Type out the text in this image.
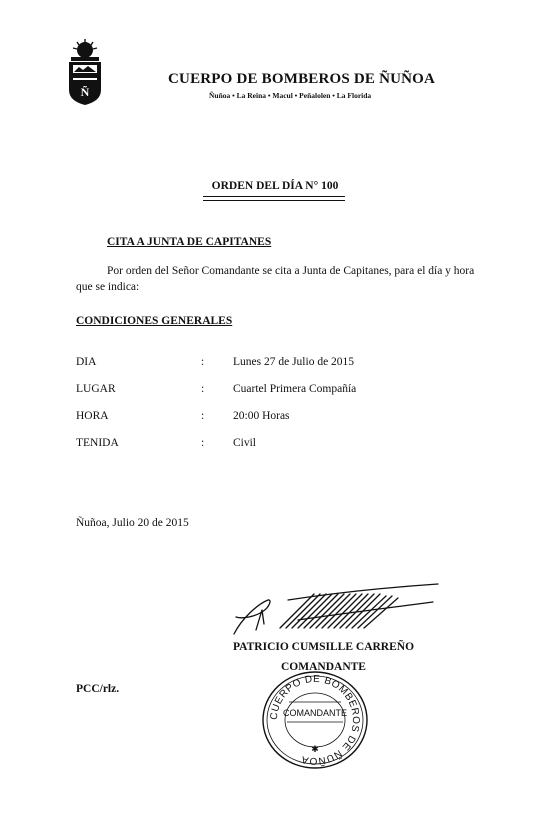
Ñ
CUERPO DE BOMBEROS DE ÑUÑOA
Ñuñoa • La Reina • Macul • Peñalolen • La Florida
ORDEN DEL DÍA N° 100
CITA A JUNTA DE CAPITANES
Por orden del Señor Comandante se cita a Junta de Capitanes, para el día y hora que se indica:
CONDICIONES GENERALES
DIA	:	Lunes 27 de Julio de 2015
LUGAR	:	Cuartel Primera Compañía
HORA	:	20:00 Horas
TENIDA	:	Civil
Ñuñoa, Julio 20 de 2015
PATRICIO CUMSILLE CARREÑO
COMANDANTE
PCC/rlz.
CUERPO DE BOMBEROS DE ÑUÑOA
COMANDANTE
✱
